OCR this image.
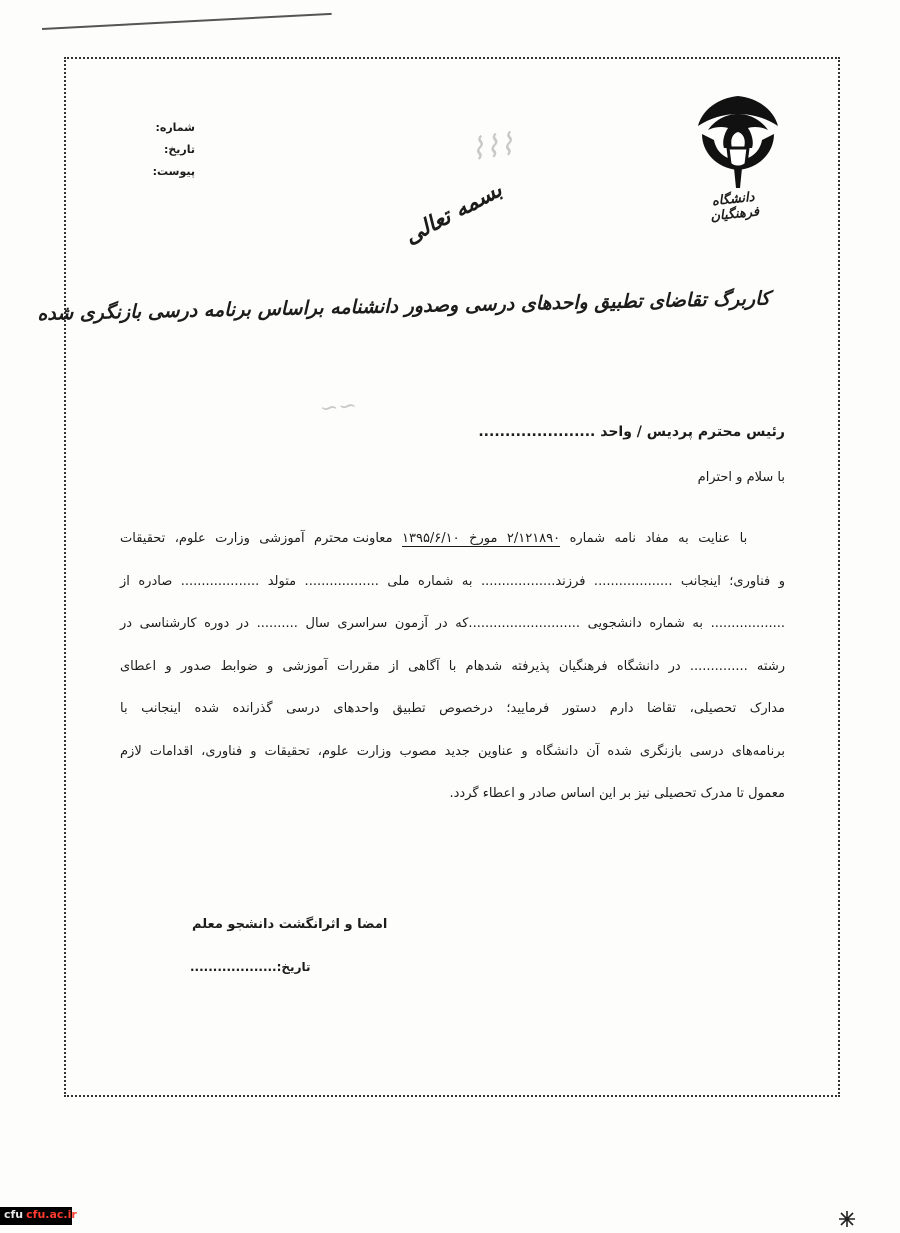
⌇⌇⌇
∽∽
شماره:
تاریخ:
پیوست:
دانشگاه فرهنگیان
بسمه تعالی
کاربرگ تقاضای تطبیق واحدهای درسی وصدور دانشنامه براساس برنامه درسی بازنگری شده
رئیس محترم پردیس / واحد ......................
با سلام و احترام
با عنایت به مفاد نامه شماره ۲/۱۲۱۸۹۰ مورخ ۱۳۹۵/۶/۱۰ معاونت محترم آموزشی وزارت علوم، تحقیقات
و فناوری؛ اینجانب ................... فرزند.................. به شماره ملی .................. متولد ................... صادره از
.................. به شماره دانشجویی ...........................که در آزمون سراسری سال .......... در دوره کارشناسی در
رشته .............. در دانشگاه فرهنگیان پذیرفته شدهام با آگاهی از مقررات آموزشی و ضوابط صدور و اعطای
مدارک تحصیلی، تقاضا دارم دستور فرمایید؛ درخصوص تطبیق واحدهای درسی گذرانده شده اینجانب با
برنامه‌های درسی بازنگری شده آن دانشگاه و عناوین جدید مصوب وزارت علوم، تحقیقات و فناوری، اقدامات لازم
معمول تا مدرک تحصیلی نیز بر این اساس صادر و اعطاء گردد.
امضا و اثرانگشت دانشجو معلم
تاریخ:...................
cfu cfu.ac.ir
